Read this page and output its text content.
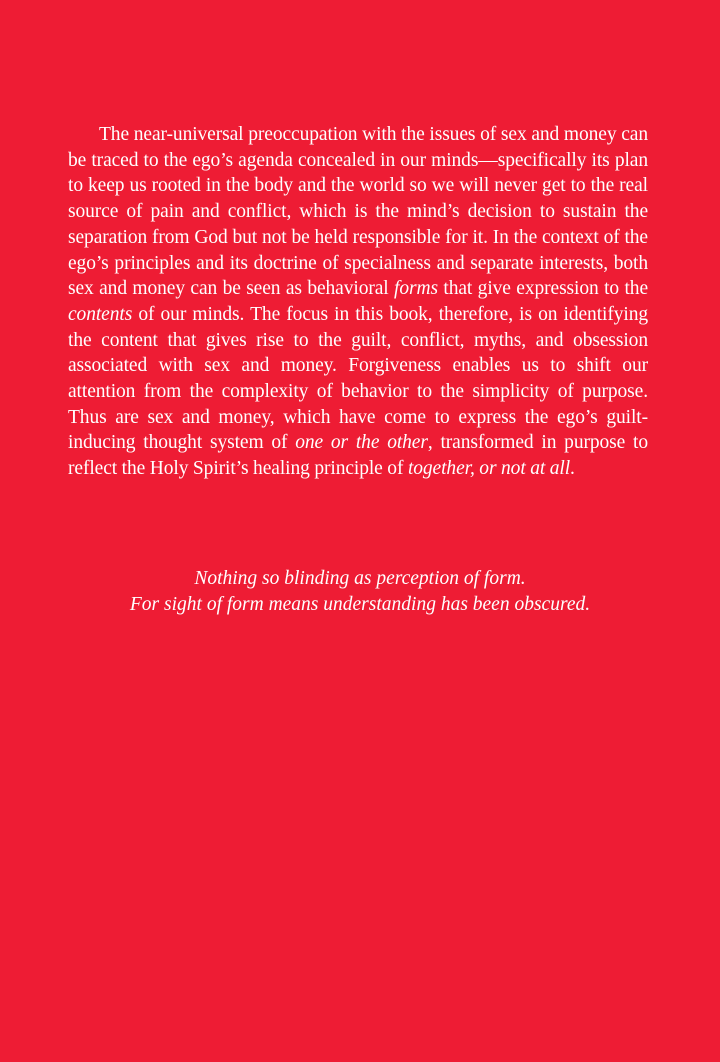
The near-universal preoccupation with the issues of sex and money can be traced to the ego’s agenda concealed in our minds—specifically its plan to keep us rooted in the body and the world so we will never get to the real source of pain and conflict, which is the mind’s decision to sustain the separation from God but not be held responsible for it. In the context of the ego’s principles and its doctrine of specialness and separate interests, both sex and money can be seen as behavioral forms that give expression to the contents of our minds. The focus in this book, therefore, is on identifying the content that gives rise to the guilt, conflict, myths, and obsession associated with sex and money. Forgiveness enables us to shift our attention from the complexity of behavior to the simplicity of purpose. Thus are sex and money, which have come to express the ego’s guilt-inducing thought system of one or the other, transformed in purpose to reflect the Holy Spirit’s healing principle of together, or not at all.

Nothing so blinding as perception of form.
For sight of form means understanding has been obscured.
